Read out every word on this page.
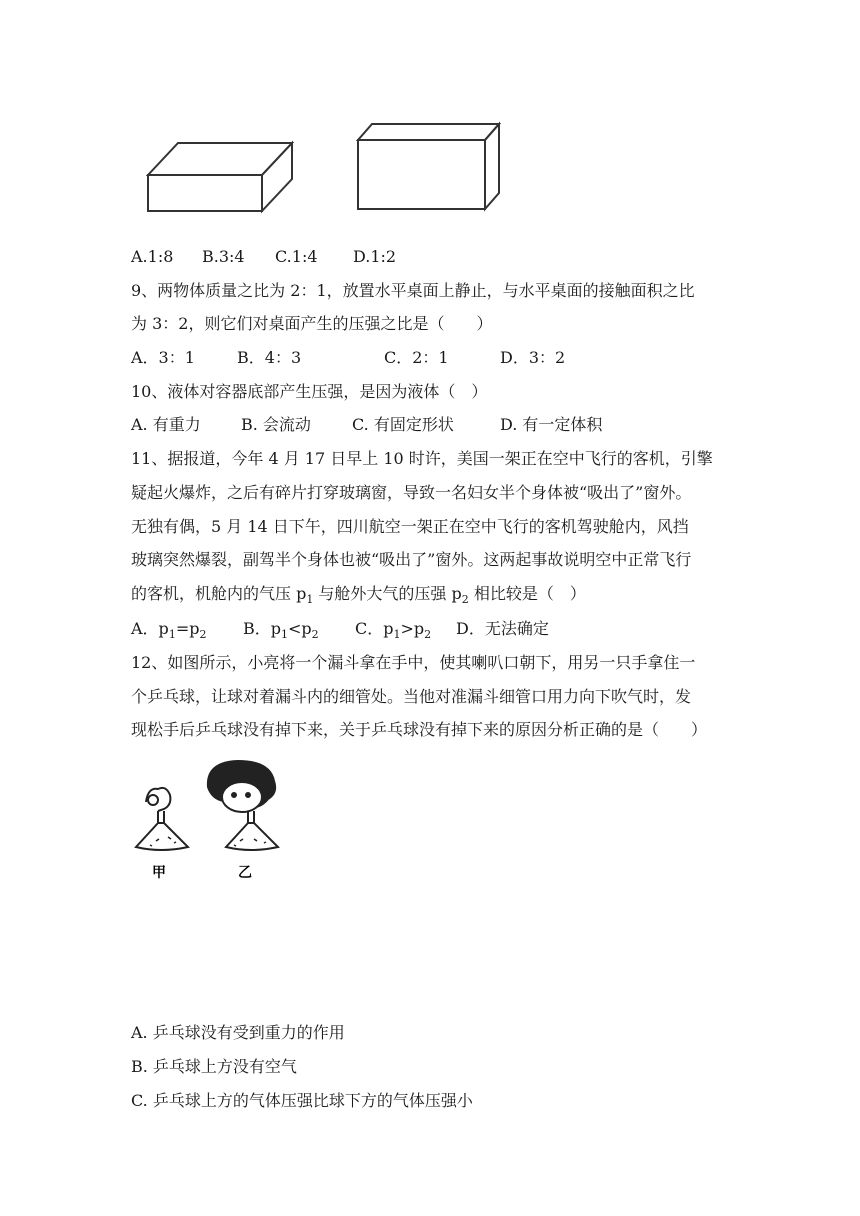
A.1:8 B.3:4 C.1:4 D.1:2
9、两物体质量之比为 2：1，放置水平桌面上静止，与水平桌面的接触面积之比
为 3：2，则它们对桌面产生的压强之比是（　　）
A．3：1	B．4：3	C．2：1	D．3：2
10、液体对容器底部产生压强，是因为液体（　）
A. 有重力	B. 会流动	C. 有固定形状	D. 有一定体积
11、据报道，今年 4 月 17 日早上 10 时许，美国一架正在空中飞行的客机，引擎
疑起火爆炸，之后有碎片打穿玻璃窗，导致一名妇女半个身体被“吸出了”窗外。
无独有偶，5 月 14 日下午，四川航空一架正在空中飞行的客机驾驶舱内，风挡
玻璃突然爆裂，副驾半个身体也被“吸出了”窗外。这两起事故说明空中正常飞行
的客机，机舱内的气压 $p_1$ 与舱外大气的压强 $p_2$ 相比较是（　）
A．$p_1=p_2$ B．$p_1<p_2$ C．$p_1>p_2$ D．无法确定
12、如图所示，小亮将一个漏斗拿在手中，使其喇叭口朝下，用另一只手拿住一
个乒乓球，让球对着漏斗内的细管处。当他对准漏斗细管口用力向下吹气时，发
现松手后乒乓球没有掉下来，关于乒乓球没有掉下来的原因分析正确的是（　　）
甲	乙
A. 乒乓球没有受到重力的作用
B. 乒乓球上方没有空气
C. 乒乓球上方的气体压强比球下方的气体压强小
